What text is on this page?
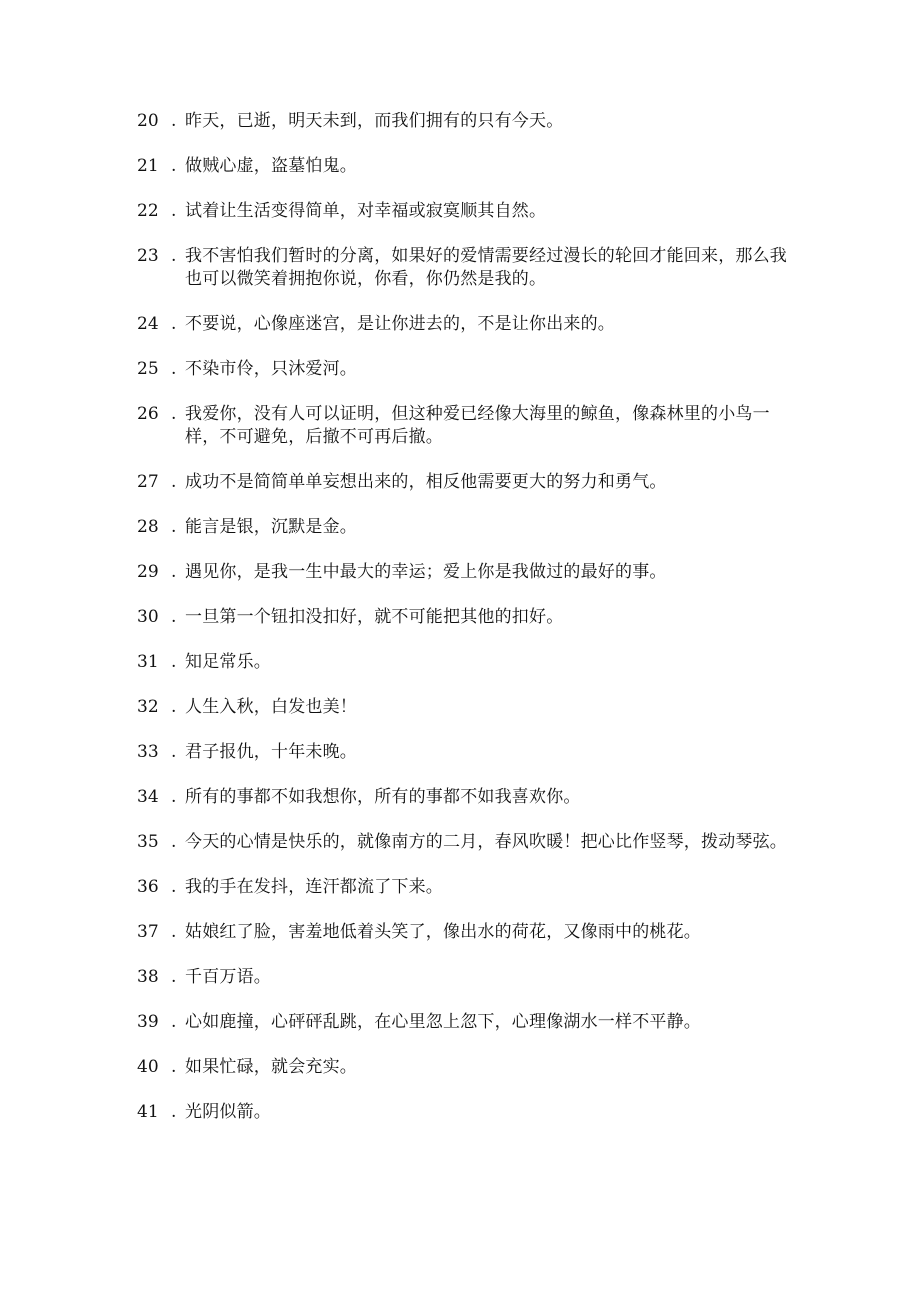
20 . 昨天，已逝，明天未到，而我们拥有的只有今天。
21 . 做贼心虚，盗墓怕鬼。
22 . 试着让生活变得简单，对幸福或寂寞顺其自然。
23 . 我不害怕我们暂时的分离，如果好的爱情需要经过漫长的轮回才能回来，那么我也可以微笑着拥抱你说，你看，你仍然是我的。
24 . 不要说，心像座迷宫，是让你进去的，不是让你出来的。
25 . 不染市伶，只沐爱河。
26 . 我爱你，没有人可以证明，但这种爱已经像大海里的鲸鱼，像森林里的小鸟一样，不可避免，后撤不可再后撤。
27 . 成功不是简简单单妄想出来的，相反他需要更大的努力和勇气。
28 . 能言是银，沉默是金。
29 . 遇见你，是我一生中最大的幸运；爱上你是我做过的最好的事。
30 . 一旦第一个钮扣没扣好，就不可能把其他的扣好。
31 . 知足常乐。
32 . 人生入秋，白发也美！
33 . 君子报仇，十年未晚。
34 . 所有的事都不如我想你，所有的事都不如我喜欢你。
35 . 今天的心情是快乐的，就像南方的二月，春风吹暖！把心比作竖琴，拨动琴弦。
36 . 我的手在发抖，连汗都流了下来。
37 . 姑娘红了脸，害羞地低着头笑了，像出水的荷花，又像雨中的桃花。
38 . 千百万语。
39 . 心如鹿撞，心砰砰乱跳，在心里忽上忽下，心理像湖水一样不平静。
40 . 如果忙碌，就会充实。
41 . 光阴似箭。
